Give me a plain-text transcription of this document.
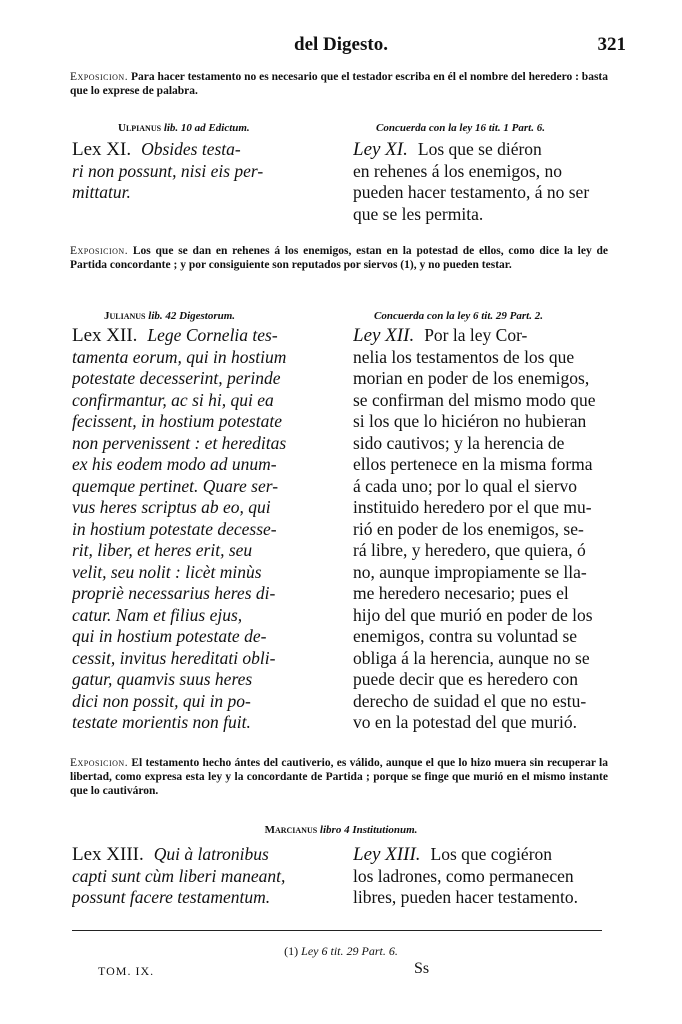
del Digesto.	321
Exposicion. Para hacer testamento no es necesario que el testador escriba en él el nombre del heredero : basta que lo exprese de palabra.
Ulpianus lib. 10 ad Edictum.	Concuerda con la ley 16 tit. 1 Part. 6.
Lex XI. Obsides testa-
ri non possunt, nisi eis per-
mittatur.
Ley XI. Los que se diéron
en rehenes á los enemigos, no
pueden hacer testamento, á no ser
que se les permita.
Exposicion. Los que se dan en rehenes á los enemigos, estan en la potestad de ellos, como dice la ley de Partida concordante ; y por consiguiente son reputados por siervos (1), y no pueden testar.
Julianus lib. 42 Digestorum.	Concuerda con la ley 6 tit. 29 Part. 2.
Lex XII. Lege Cornelia tes-
tamenta eorum, qui in hostium
potestate decesserint, perinde
confirmantur, ac si hi, qui ea
fecissent, in hostium potestate
non pervenissent : et hereditas
ex his eodem modo ad unum-
quemque pertinet. Quare ser-
vus heres scriptus ab eo, qui
in hostium potestate decesse-
rit, liber, et heres erit, seu
velit, seu nolit : licèt minùs
propriè necessarius heres di-
catur. Nam et filius ejus,
qui in hostium potestate de-
cessit, invitus hereditati obli-
gatur, quamvis suus heres
dici non possit, qui in po-
testate morientis non fuit.
Ley XII. Por la ley Cor-
nelia los testamentos de los que
morian en poder de los enemigos,
se confirman del mismo modo que
si los que lo hiciéron no hubieran
sido cautivos; y la herencia de
ellos pertenece en la misma forma
á cada uno; por lo qual el siervo
instituido heredero por el que mu-
rió en poder de los enemigos, se-
rá libre, y heredero, que quiera, ó
no, aunque impropiamente se lla-
me heredero necesario; pues el
hijo del que murió en poder de los
enemigos, contra su voluntad se
obliga á la herencia, aunque no se
puede decir que es heredero con
derecho de suidad el que no estu-
vo en la potestad del que murió.
Exposicion. El testamento hecho ántes del cautiverio, es válido, aunque el que lo hizo muera sin recuperar la libertad, como expresa esta ley y la concordante de Partida ; porque se finge que murió en el mismo instante que lo cautiváron.
Marcianus libro 4 Institutionum.
Lex XIII. Qui à latronibus
capti sunt cùm liberi maneant,
possunt facere testamentum.
Ley XIII. Los que cogiéron
los ladrones, como permanecen
libres, pueden hacer testamento.
(1) Ley 6 tit. 29 Part. 6.
TOM. IX.	Ss
